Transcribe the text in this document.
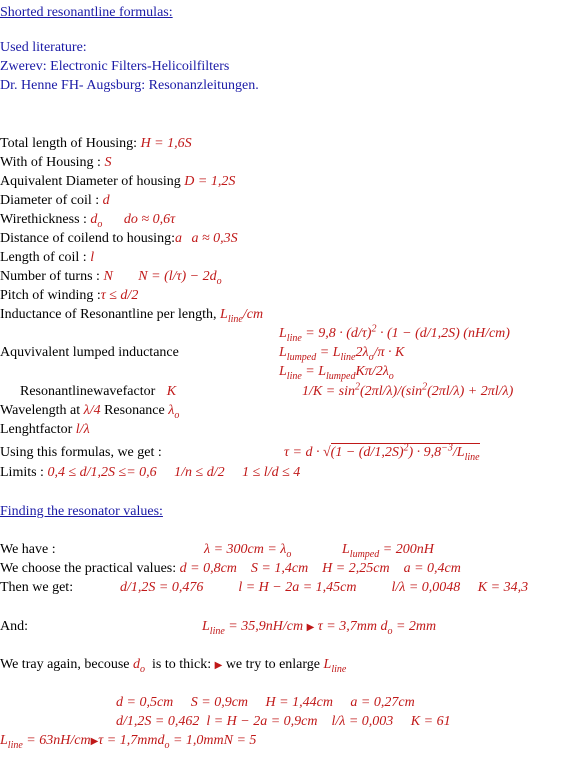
Shorted resonantline formulas:
Used literature:
Zwerev: Electronic Filters-Helicoilfilters
Dr. Henne FH- Augsburg: Resonanzleitungen.
Total length of Housing: H = 1,6S
With of Housing : S
Aquivalent Diameter of housing D = 1,2S
Diameter of coil : d
Wirethickness : $d_o$ do ≈ 0,6τ
Distance of coilend to housing:a a ≈ 0,3S
Length of coil : l
Number of turns : N $N = (l/\tau) - 2d_o$
Pitch of winding :τ ≤ d/2
Inductance of Resonantline per length, $L_{line}/cm$
$L_{line} = 9,8 \cdot (d/\tau)^2 \cdot (1 - (d/1,2S)$ (nH/cm)
Aquvivalent lumped inductance	$L_{lumped} = L_{line}2\lambda_o/\pi \cdot K$
$L_{line} = L_{lumped}K\pi/2\lambda_o$
Resonantlinewavefactor K	$1/K = \sin^2(2\pi l/\lambda)/(\sin^2(2\pi l/\lambda) + 2\pi l/\lambda)$
Wavelength at λ/4 Resonance $\lambda_o$
Lenghtfactor l/λ
Using this formulas, we get :	$\tau = d \cdot √(1 - (d/1,2S)^2) \cdot 9,8^{-3}/L_{line}$
Limits : 0,4 ≤ d/1,2S ≤= 0,6     1/n ≤ d/2     1 ≤ l/d ≤ 4
Finding the resonator values:
We have :	$\lambda = 300cm = \lambda_o$	$L_{lumped} = 200nH$
We choose the practical values: d = 0,8cm    S = 1,4cm    H = 2,25cm    a = 0,4cm
Then we get:	d/1,2S = 0,476          l = H − 2a = 1,45cm          l/λ = 0,0048     K = 34,3
And:	$L_{line} = 35,9nH/cm$ ▶ τ = 3,7mm $d_o = 2mm$
We tray again, becouse $d_o$ is to thick: ▶ we try to enlarge $L_{line}$
d = 0,5cm     S = 0,9cm     H = 1,44cm     a = 0,27cm
d/1,2S = 0,462  l = H − 2a = 0,9cm    l/λ = 0,003     K = 61
$L_{line}$ = 63nH/cm▶τ = 1,7mmd$_o$ = 1,0mmN = 5
